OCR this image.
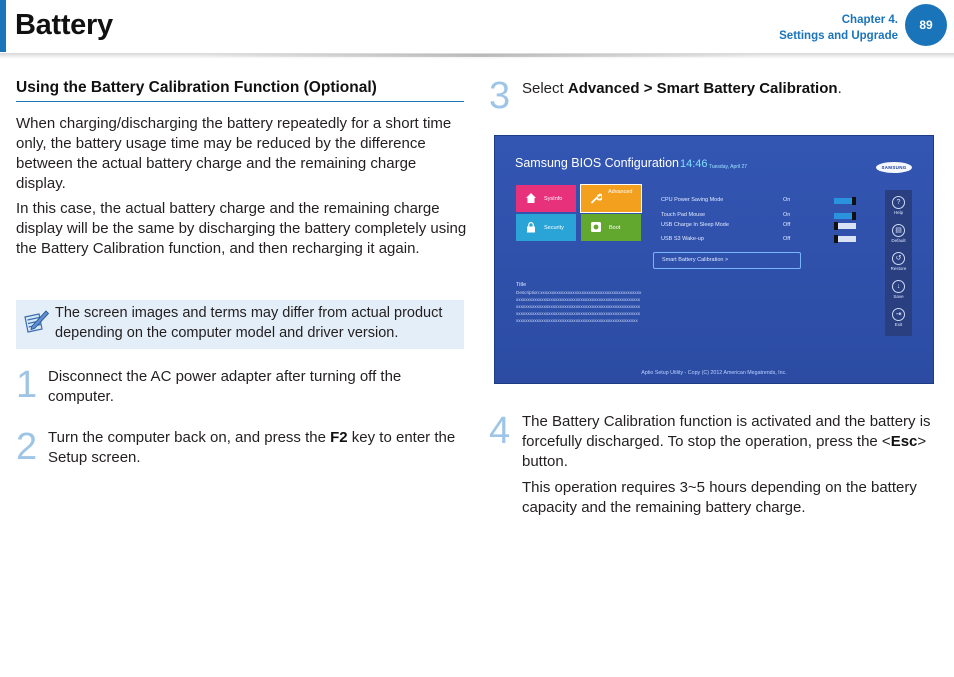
Battery	Chapter 4.
Settings and Upgrade
89
Using the Battery Calibration Function (Optional)
When charging/discharging the battery repeatedly for a short time only, the battery usage time may be reduced by the difference between the actual battery charge and the remaining charge display.
In this case, the actual battery charge and the remaining charge display will be the same by discharging the battery completely using the Battery Calibration function, and then recharging it again.
The screen images and terms may differ from actual product depending on the computer model and driver version.
1 Disconnect the AC power adapter after turning off the computer.
2 Turn the computer back on, and press the F2 key to enter the Setup screen.
3 Select Advanced > Smart Battery Calibration.
Samsung BIOS Configuration 14:46 Tuesday, April 27	SAMSUNG
SysInfo
Advanced
Security	Boot
CPU Power Saving Mode	On
Touch Pad Mouse	On
USB Charge In Sleep Mode	Off
USB S3 Wake-up	Off
Smart Battery Calibration >
Title
Description:xxxxxxxxxxxxxxxxxxxxxxxxxxxxxxxxxxxxxxxxxxxxxxxxxxxxxxxxxxxxxxxxxxxxxxxxxxxxxxxxxxxxxxxxxxxxxxxxxxxxxxxxxxxxxxxxxxxxxxxxxxxxxxxxxxxxxxxxxxxxxxxxxxxxxxxxxxxxxxxxxxxxxxxxxxxxxxxxxxxxxxxxxxxxxxxxxxxxxxxxxxxxxxxxxxxxxxxxxxxxxxxxxxxxxxxxxxxxxxxxxxxxxxxxxxxxxxxxxxx
?
Help
▤
Default
↺
Restore
↓
Save
⇥
Exit
Aptio Setup Utility - Copy (C) 2012 American Megatrends, Inc.
4 The Battery Calibration function is activated and the battery is forcefully discharged. To stop the operation, press the <Esc> button.
This operation requires 3~5 hours depending on the battery capacity and the remaining battery charge.
